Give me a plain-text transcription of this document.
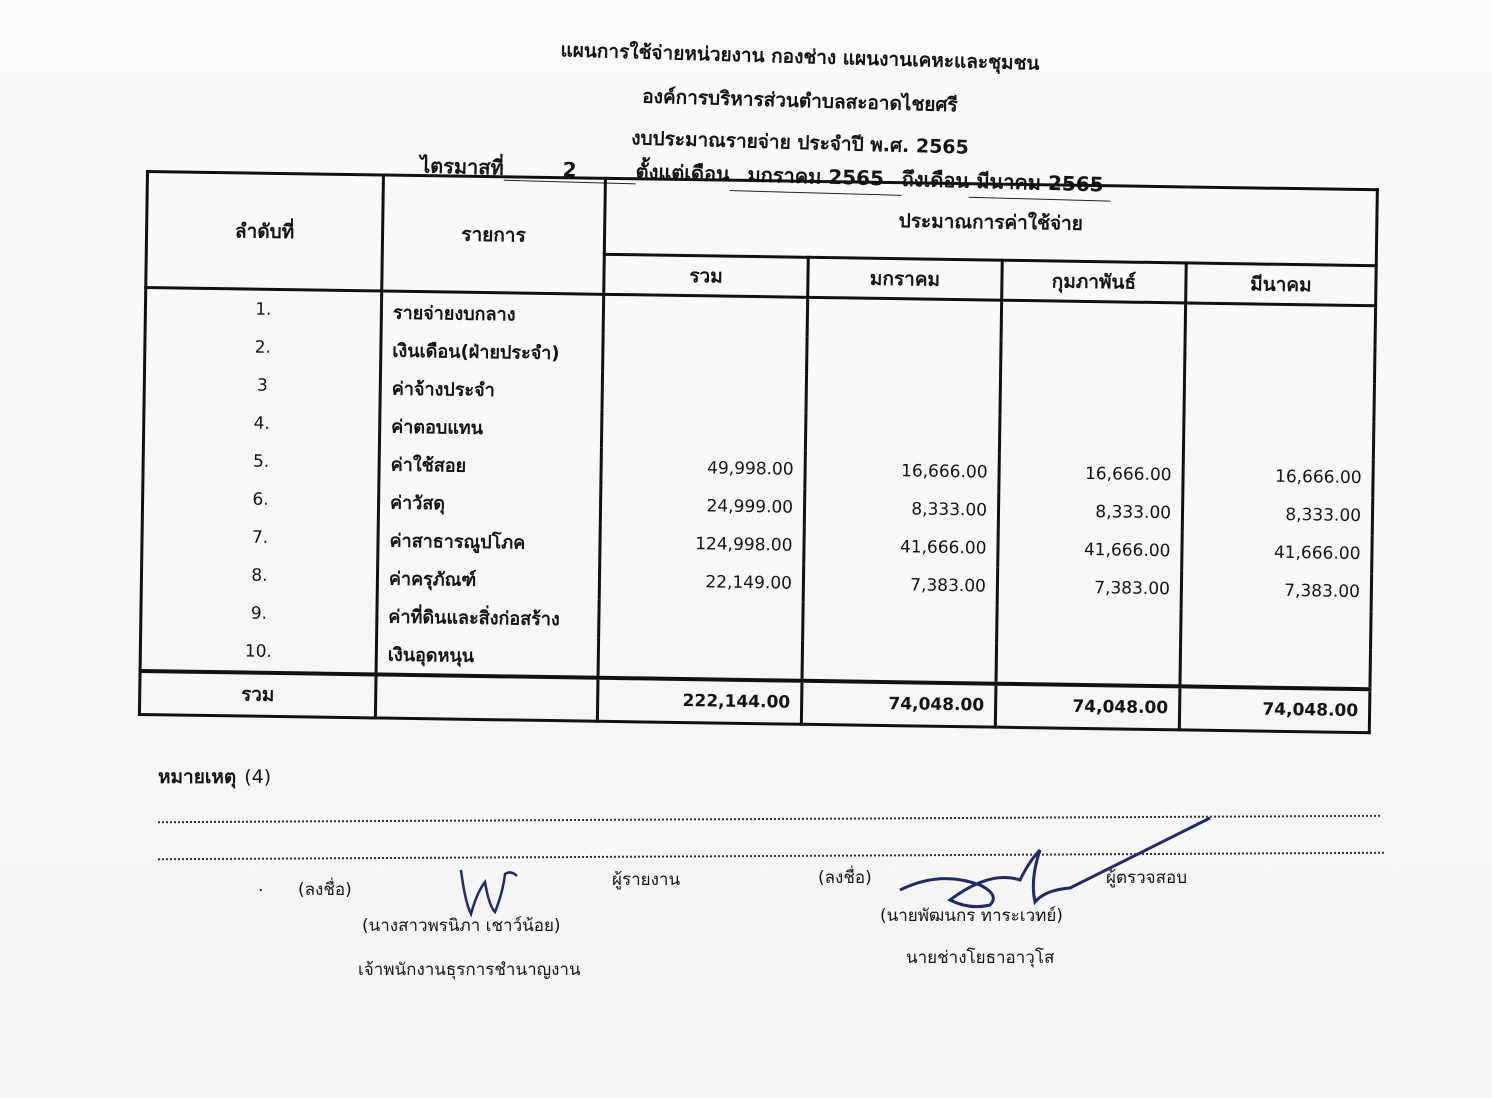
แผนการใช้จ่ายหน่วยงาน กองช่าง แผนงานเคหะและชุมชน
องค์การบริหารส่วนตำบลสะอาดไชยศรี
งบประมาณรายจ่าย ประจำปี พ.ศ. 2565
ไตรมาสที่	2	ตั้งแต่เดือน มกราคม 2565 ถึงเดือน มีนาคม 2565
ลำดับที่	รายการ	ประมาณการค่าใช้จ่าย			
		รวม	มกราคม	กุมภาพันธ์	มีนาคม
1.	รายจ่ายงบกลาง				
2.	เงินเดือน(ฝ่ายประจำ)				
3	ค่าจ้างประจำ				
4.	ค่าตอบแทน				
5.	ค่าใช้สอย	49,998.00	16,666.00	16,666.00	16,666.00
6.	ค่าวัสดุ	24,999.00	8,333.00	8,333.00	8,333.00
7.	ค่าสาธารณูปโภค	124,998.00	41,666.00	41,666.00	41,666.00
8.	ค่าครุภัณฑ์	22,149.00	7,383.00	7,383.00	7,383.00
9.	ค่าที่ดินและสิ่งก่อสร้าง				
10.	เงินอุดหนุน				
รวม		222,144.00	74,048.00	74,048.00	74,048.00
หมายเหตุ (4)
. (ลงชื่อ)	ผู้รายงาน
(นางสาวพรนิภา เชาว์น้อย)
เจ้าพนักงานธุรการชำนาญงาน
(ลงชื่อ)	ผู้ตรวจสอบ
(นายพัฒนกร ทาระเวทย์)
นายช่างโยธาอาวุโส
